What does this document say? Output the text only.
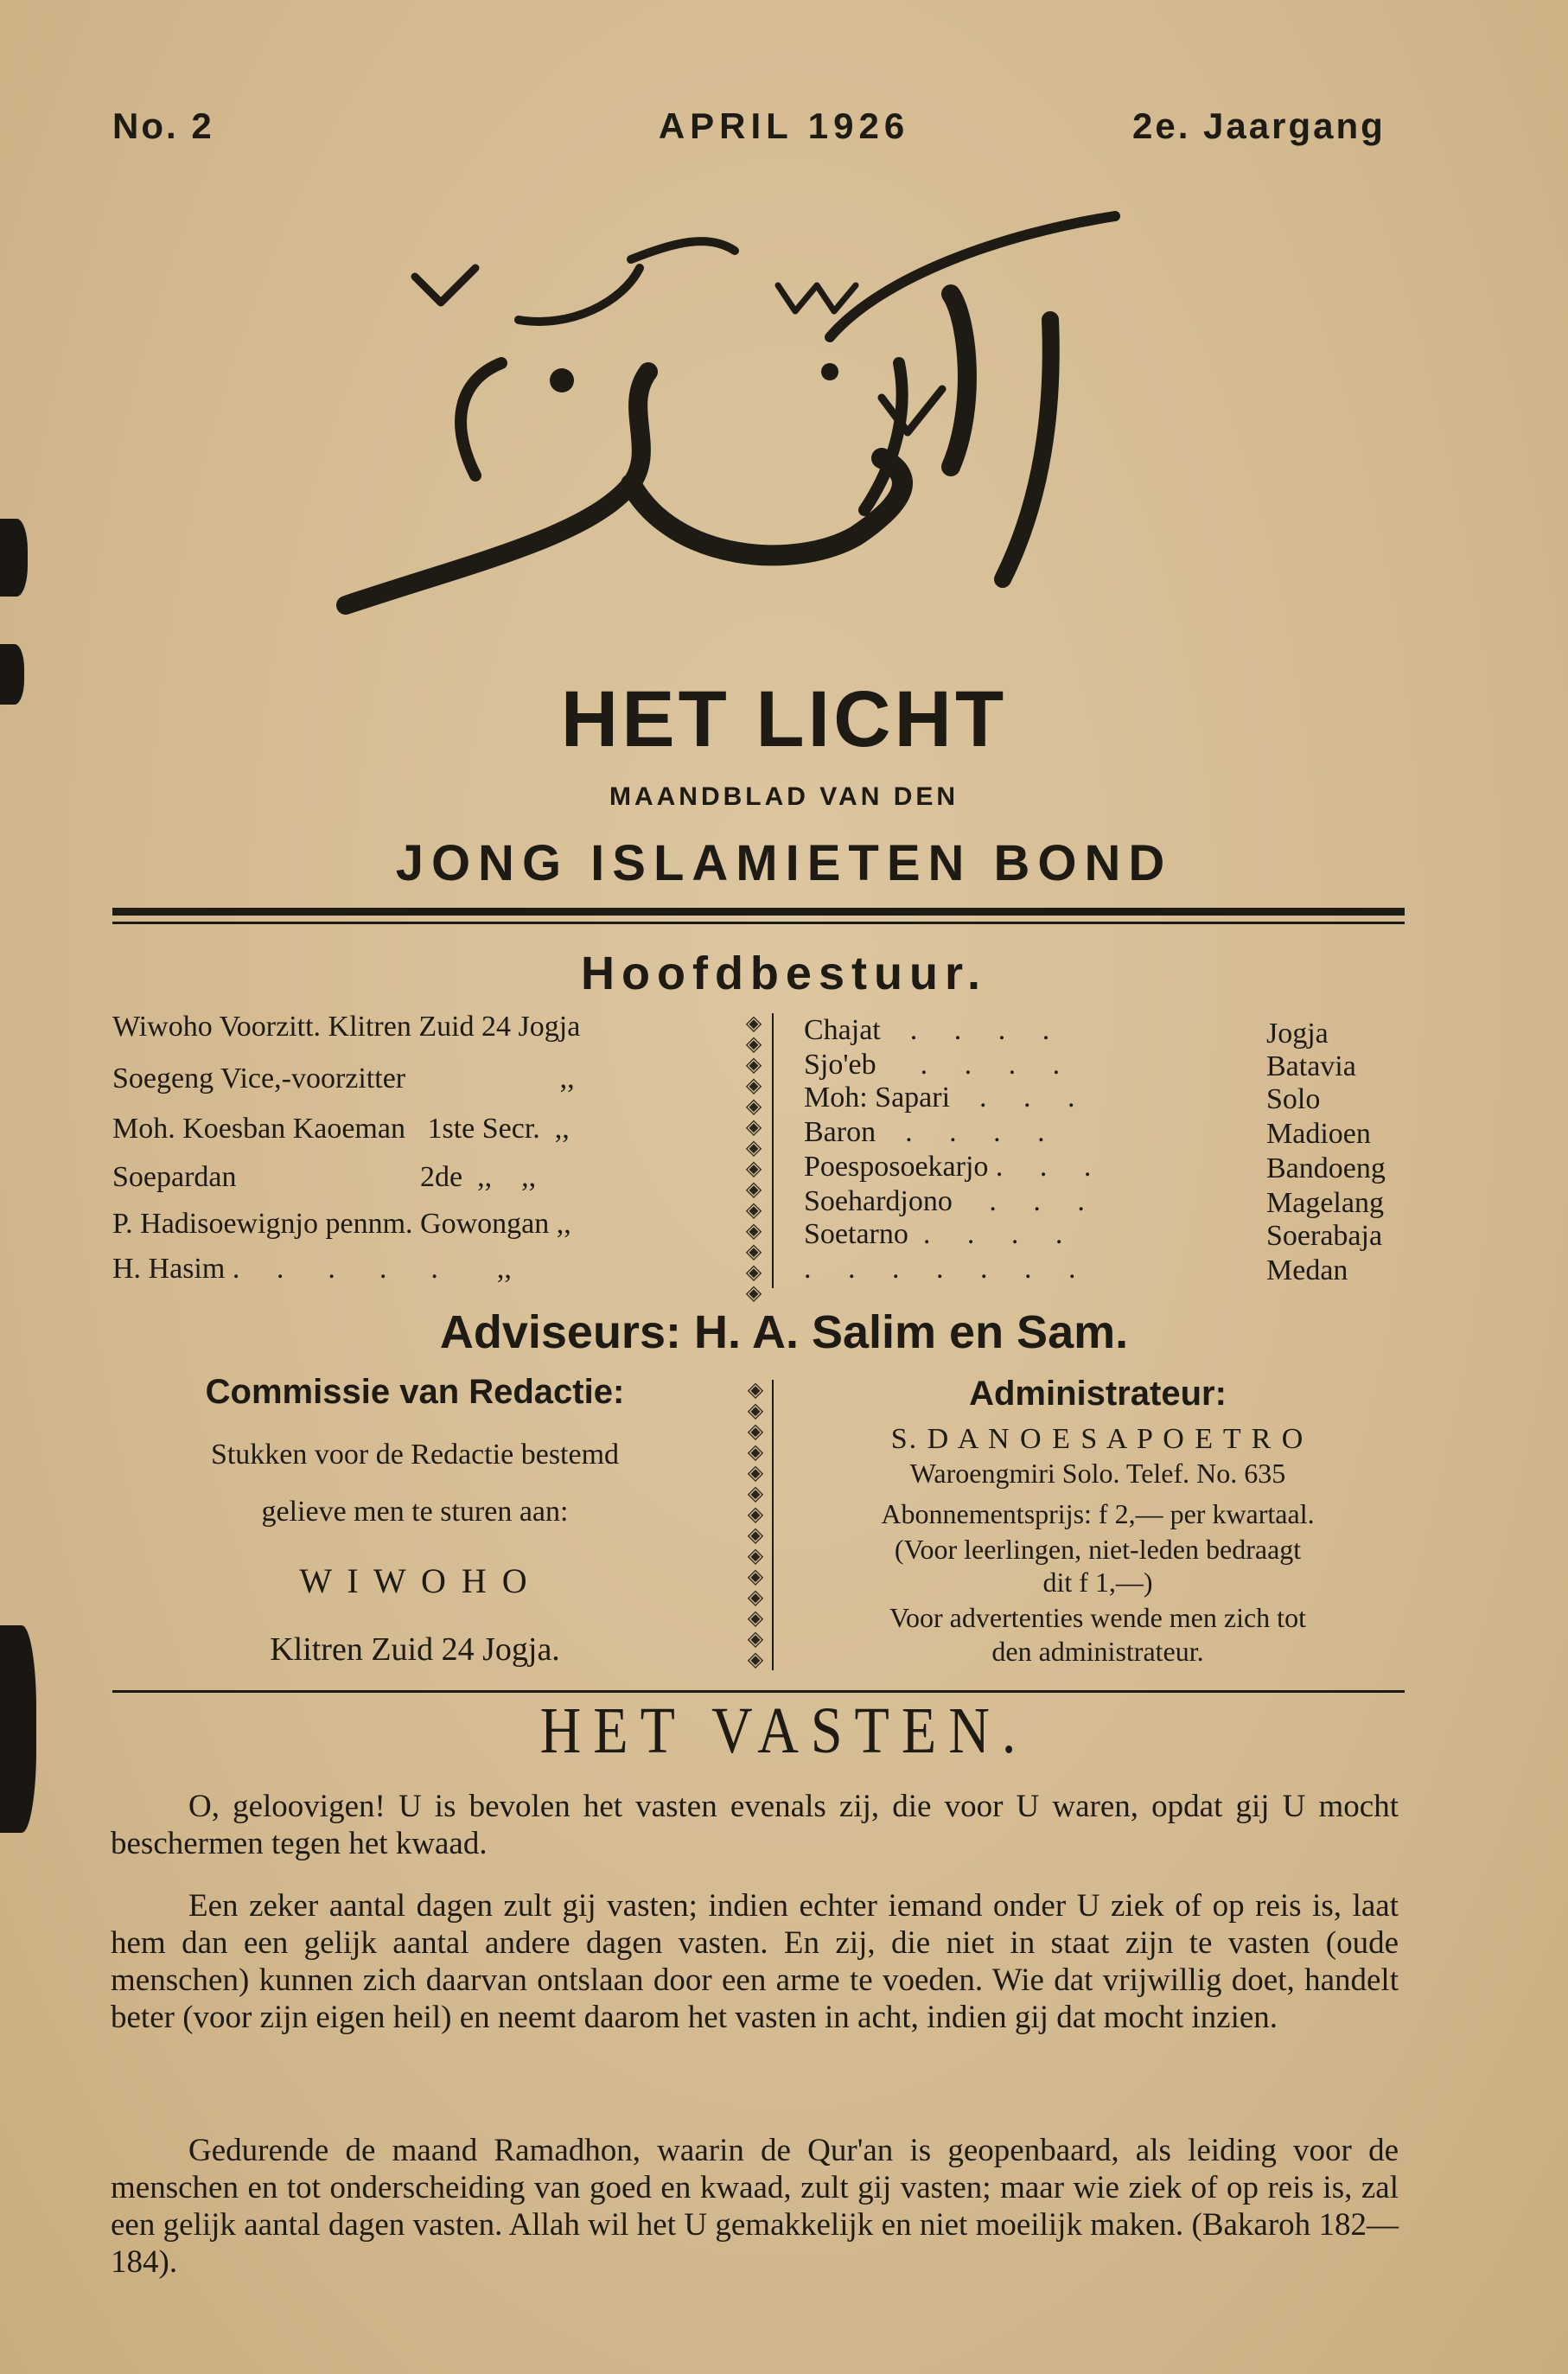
No. 2	APRIL 1926	2e. Jaargang
HET LICHT
MAANDBLAD VAN DEN
JONG ISLAMIETEN BOND
Hoofdbestuur.
Wiwoho Voorzitt. Klitren Zuid 24 Jogja
Soegeng Vice,-voorzitter                     ,,
Moh. Koesban Kaoeman   1ste Secr.  ,,
Soepardan                         2de  ,,    ,,
P. Hadisoewignjo pennm. Gowongan ,,
H. Hasim .     .      .      .      .        ,,
◈◈◈◈◈◈◈◈◈◈◈◈◈◈
Chajat    .     .     .     .
Sjo'eb      .     .     .     .
Moh: Sapari    .     .     .
Baron    .     .     .     .
Poesposoekarjo .     .     .
Soehardjono     .     .     .
Soetarno  .     .     .     .
.     .     .     .     .     .     .
Jogja
Batavia
Solo
Madioen
Bandoeng
Magelang
Soerabaja
Medan
Adviseurs: H. A. Salim en Sam.
Commissie van Redactie:
Stukken voor de Redactie bestemd
gelieve men te sturen aan:
W I W O H O
Klitren Zuid 24 Jogja.
◈◈◈◈◈◈◈◈◈◈◈◈◈◈
Administrateur:
S. D A N O E S A P O E T R O
Waroengmiri Solo. Telef. No. 635
Abonnementsprijs: f 2,— per kwartaal.
(Voor leerlingen, niet-leden bedraagt
dit f 1,—)
Voor advertenties wende men zich tot
den administrateur.
HET VASTEN.
O, geloovigen! U is bevolen het vasten evenals zij, die voor U waren, opdat gij U mocht beschermen tegen het kwaad.
Een zeker aantal dagen zult gij vasten; indien echter iemand onder U ziek of op reis is, laat hem dan een gelijk aantal andere dagen vasten. En zij, die niet in staat zijn te vasten (oude menschen) kunnen zich daarvan ontslaan door een arme te voeden. Wie dat vrijwillig doet, handelt beter (voor zijn eigen heil) en neemt daarom het vasten in acht, indien gij dat mocht inzien.
Gedurende de maand Ramadhon, waarin de Qur'an is geopenbaard, als leiding voor de menschen en tot onderscheiding van goed en kwaad, zult gij vasten; maar wie ziek of op reis is, zal een gelijk aantal dagen vasten. Allah wil het U gemakkelijk en niet moeilijk maken. (Bakaroh 182—184).
